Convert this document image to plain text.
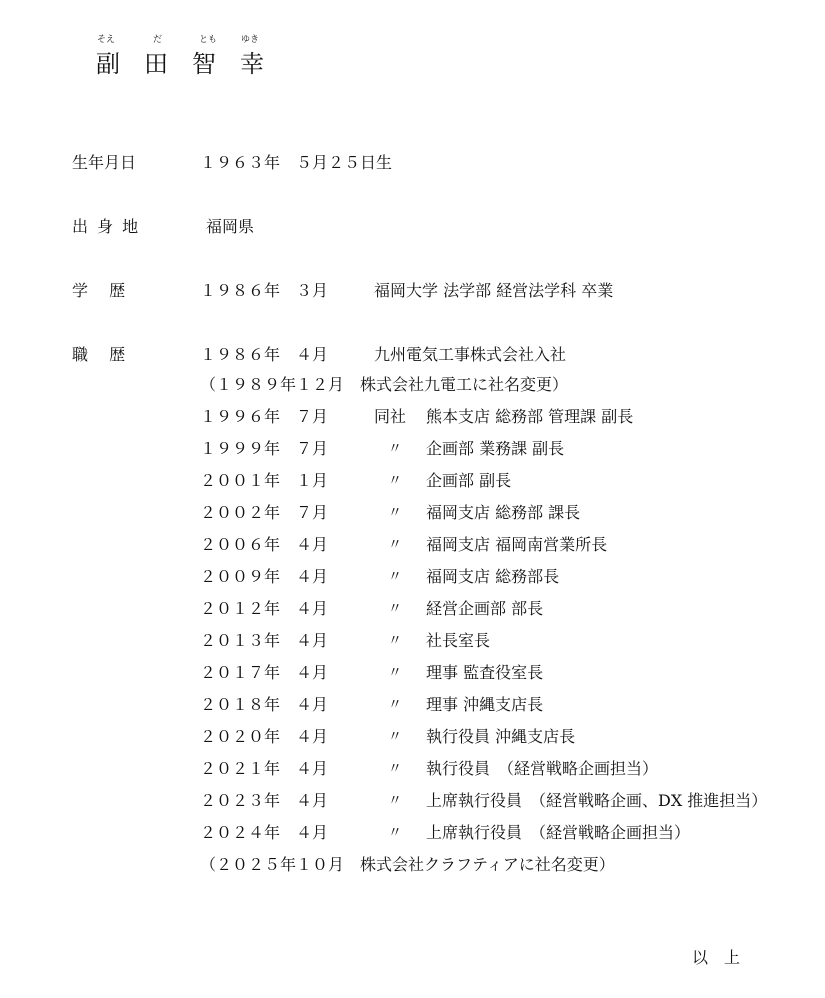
そえ	だ	とも	ゆき
副 田 智 幸
生年月日	１９６３年　５月２５日生
出 身 地	福岡県
学　 歴	１９８６年　３月	福岡大学 法学部 経営法学科 卒業
職　 歴	１９８６年　４月	九州電気工事株式会社入社
（１９８９年１２月　株式会社九電工に社名変更）
１９９６年　７月	同社 熊本支店 総務部 管理課 副長
１９９９年　７月	〃 企画部 業務課 副長
２００１年　１月	〃 企画部 副長
２００２年　７月	〃 福岡支店 総務部 課長
２００６年　４月	〃 福岡支店 福岡南営業所長
２００９年　４月	〃 福岡支店 総務部長
２０１２年　４月	〃 経営企画部 部長
２０１３年　４月	〃 社長室長
２０１７年　４月	〃 理事 監査役室長
２０１８年　４月	〃 理事 沖縄支店長
２０２０年　４月	〃 執行役員 沖縄支店長
２０２１年　４月	〃 執行役員　（経営戦略企画担当）
２０２３年　４月	〃 上席執行役員　（経営戦略企画、DX 推進担当）
２０２４年　４月	〃 上席執行役員　（経営戦略企画担当）
（２０２５年１０月　株式会社クラフティアに社名変更）
以　上
